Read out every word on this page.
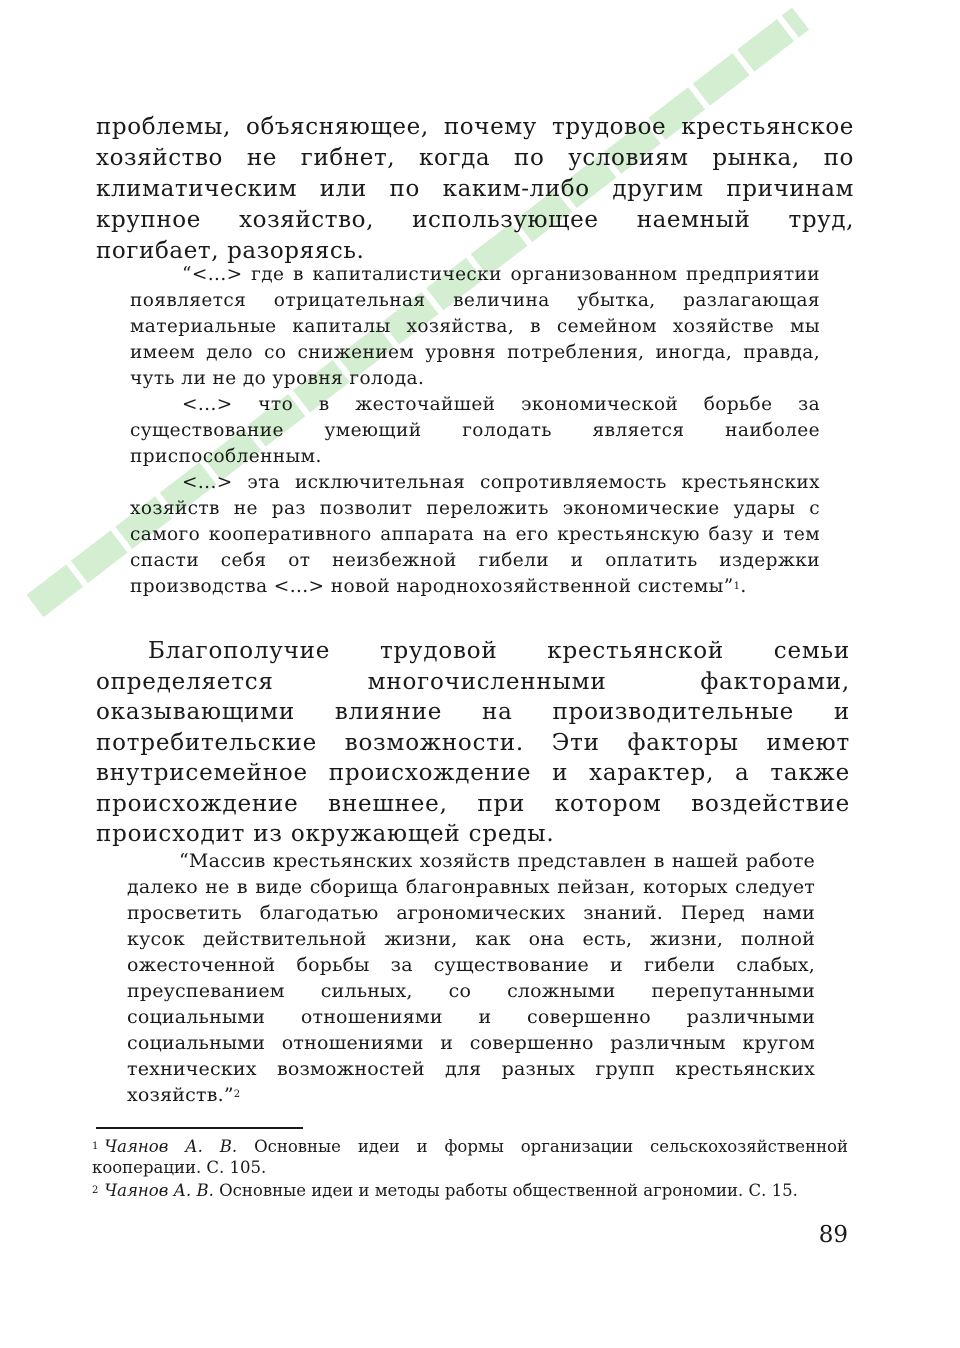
проблемы, объясняющее, почему трудовое крестьянское хозяйство не гибнет, когда по условиям рынка, по климатическим или по каким-либо другим причинам крупное хозяйство, использующее наемный труд, погибает, разоряясь.

“<...> где в капиталистически организованном предприятии появляется отрицательная величина убытка, разлагающая материальные капиталы хозяйства, в семейном хозяйстве мы имеем дело со снижением уровня потребления, иногда, правда, чуть ли не до уровня голода.

<...> что в жесточайшей экономической борьбе за существование умеющий голодать является наиболее приспособленным.

<...> эта исключительная сопротивляемость крестьянских хозяйств не раз позволит переложить экономические удары с самого кооперативного аппарата на его крестьянскую базу и тем спасти себя от неизбежной гибели и оплатить издержки производства <...> новой народнохозяйственной системы”$^1$.

Благополучие трудовой крестьянской семьи определяется многочисленными факторами, оказывающими влияние на производительные и потребительские возможности. Эти факторы имеют внутрисемейное происхождение и характер, а также происхождение внешнее, при котором воздействие происходит из окружающей среды.

“Массив крестьянских хозяйств представлен в нашей работе далеко не в виде сборища благонравных пейзан, которых следует просветить благодатью агрономических знаний. Перед нами кусок действительной жизни, как она есть, жизни, полной ожесточенной борьбы за существование и гибели слабых, преуспеванием сильных, со сложными перепутанными социальными отношениями и совершенно различными социальными отношениями и совершенно различным кругом технических возможностей для разных групп крестьянских хозяйств.”$^2$

$^1$ Чаянов А. В. Основные идеи и формы организации сельскохозяйственной кооперации. С. 105.

$^2$ Чаянов А. В. Основные идеи и методы работы общественной агрономии. С. 15.

89
